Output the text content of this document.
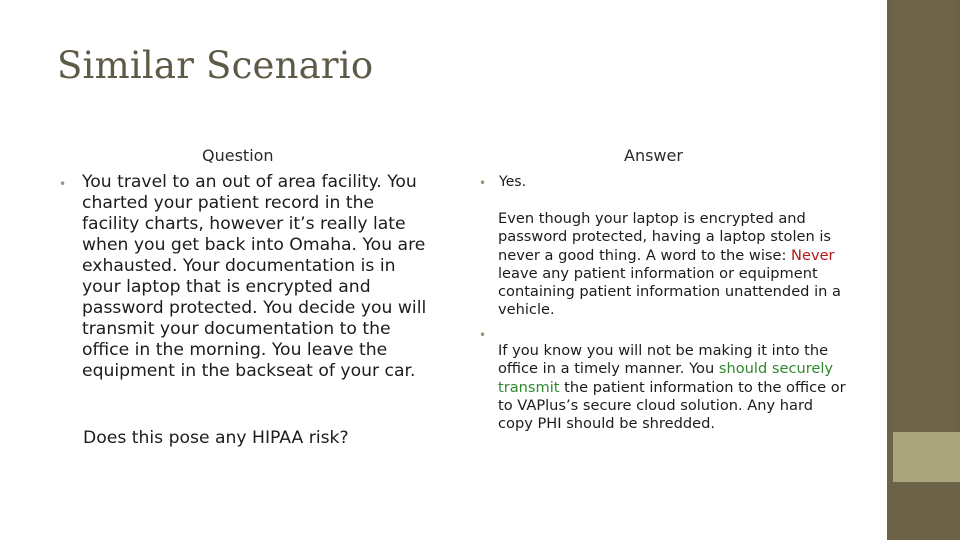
Similar Scenario
Question	Answer
• You travel to an out of area facility. You charted your patient record in the facility charts, however it’s really late when you get back into Omaha. You are exhausted. Your documentation is in your laptop that is encrypted and password protected. You decide you will transmit your documentation to the office in the morning. You leave the equipment in the backseat of your car.
Does this pose any HIPAA risk?
• Yes.
Even though your laptop is encrypted and password protected, having a laptop stolen is never a good thing. A word to the wise: Never leave any patient information or equipment containing patient information unattended in a vehicle.
•
If you know you will not be making it into the office in a timely manner. You should securely transmit the patient information to the office or to VAPlus’s secure cloud solution. Any hard copy PHI should be shredded.
